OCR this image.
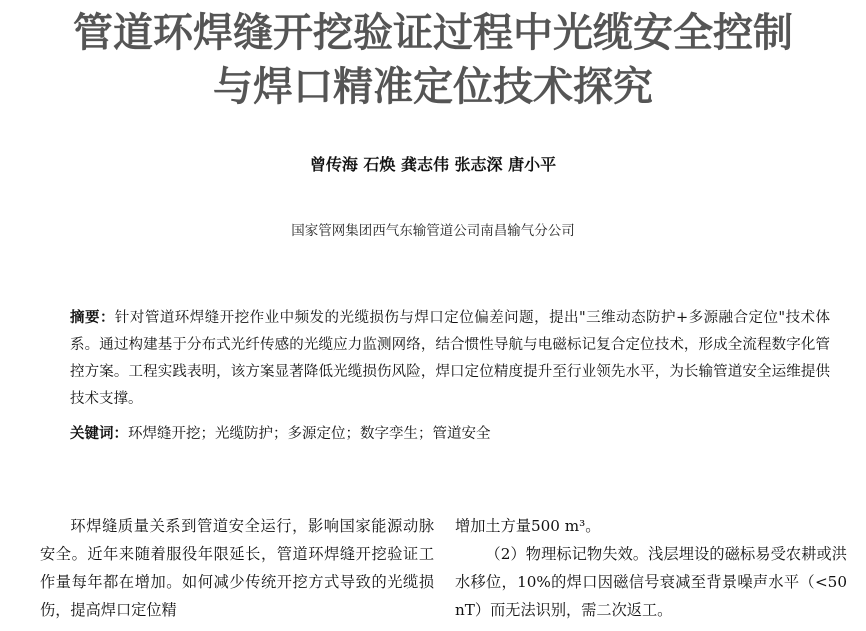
管道环焊缝开挖验证过程中光缆安全控制
与焊口精准定位技术探究
曾传海 石焕 龚志伟 张志深 唐小平
国家管网集团西气东输管道公司南昌输气分公司
摘要：针对管道环焊缝开挖作业中频发的光缆损伤与焊口定位偏差问题，提出"三维动态防护+多源融合定位"技术体系。通过构建基于分布式光纤传感的光缆应力监测网络，结合惯性导航与电磁标记复合定位技术，形成全流程数字化管控方案。工程实践表明，该方案显著降低光缆损伤风险，焊口定位精度提升至行业领先水平，为长输管道安全运维提供技术支撑。
关键词：环焊缝开挖；光缆防护；多源定位；数字孪生；管道安全

环焊缝质量关系到管道安全运行，影响国家能源动脉安全。近年来随着服役年限延长，管道环焊缝开挖验证工作量每年都在增加。如何减少传统开挖方式导致的光缆损伤，提高焊口定位精

增加土方量500 m³。

（2）物理标记物失效。浅层埋设的磁标易受农耕或洪水移位，10%的焊口因磁信号衰减至背景噪声水平（<50 nT）而无法识别，需二次返工。
